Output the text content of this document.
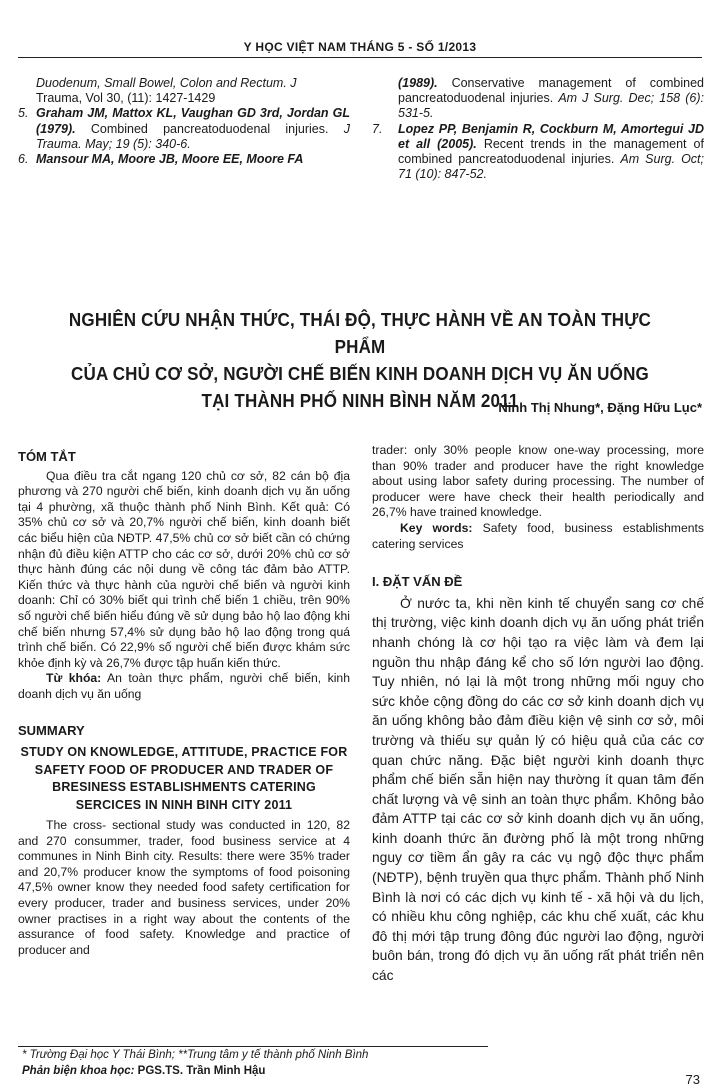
Y HỌC VIỆT NAM THÁNG 5 - SỐ 1/2013
Duodenum, Small Bowel, Colon and Rectum. J
Trauma, Vol 30, (11): 1427-1429
5. Graham JM, Mattox KL, Vaughan GD 3rd, Jordan GL (1979). Combined pancreatoduodenal injuries. J Trauma. May; 19 (5): 340-6.
6. Mansour MA, Moore JB, Moore EE, Moore FA
(1989). Conservative management of combined pancreatoduodenal injuries. Am J Surg. Dec; 158 (6): 531-5.
7. Lopez PP, Benjamin R, Cockburn M, Amortegui JD et all (2005). Recent trends in the management of combined pancreatoduodenal injuries. Am Surg. Oct; 71 (10): 847-52.
NGHIÊN CỨU NHẬN THỨC, THÁI ĐỘ, THỰC HÀNH VỀ AN TOÀN THỰC PHẨM
CỦA CHỦ CƠ SỞ, NGƯỜI CHẾ BIẾN KINH DOANH DỊCH VỤ ĂN UỐNG
TẠI THÀNH PHỐ NINH BÌNH NĂM 2011
Ninh Thị Nhung*, Đặng Hữu Lục*
TÓM TẮT
Qua điều tra cắt ngang 120 chủ cơ sở, 82 cán bộ địa phương và 270 người chế biến, kinh doanh dịch vụ ăn uống tại 4 phường, xã thuộc thành phố Ninh Bình. Kết quả: Có 35% chủ cơ sở và 20,7% người chế biến, kinh doanh biết các biểu hiện của NĐTP. 47,5% chủ cơ sở biết cần có chứng nhận đủ điều kiện ATTP cho các cơ sở, dưới 20% chủ cơ sở thực hành đúng các nội dung về công tác đảm bảo ATTP. Kiến thức và thực hành của người chế biến và người kinh doanh: Chỉ có 30% biết qui trình chế biến 1 chiều, trên 90% số người chế biến hiểu đúng về sử dụng bảo hộ lao động khi chế biến nhưng 57,4% sử dụng bảo hộ lao động trong quá trình chế biến. Có 22,9% số người chế biến được khám sức khỏe định kỳ và 26,7% được tập huấn kiến thức.
Từ khóa: An toàn thực phẩm, người chế biến, kinh doanh dịch vụ ăn uống
SUMMARY
STUDY ON KNOWLEDGE, ATTITUDE, PRACTICE FOR SAFETY FOOD OF PRODUCER AND TRADER OF BRESINESS ESTABLISHMENTS CATERING SERCICES IN NINH BINH CITY 2011
The cross- sectional study was conducted in 120, 82 and 270 consummer, trader, food business service at 4 communes in Ninh Binh city. Results: there were 35% trader and 20,7% producer know the symptoms of food poisoning 47,5% owner know they needed food safety certification for every producer, trader and business services, under 20% owner practises in a right way about the contents of the assurance of food safety. Knowledge and practice of producer and
trader: only 30% people know one-way processing, more than 90% trader and producer have the right knowledge about using labor safety during processing. The number of producer were have check their health periodically and 26,7% have trained knowledge.
Key words: Safety food, business establishments catering services
I. ĐẶT VẤN ĐỀ
Ở nước ta, khi nền kinh tế chuyển sang cơ chế thị trường, việc kinh doanh dịch vụ ăn uống phát triển nhanh chóng là cơ hội tạo ra việc làm và đem lại nguồn thu nhập đáng kể cho số lớn người lao động. Tuy nhiên, nó lại là một trong những mối nguy cho sức khỏe cộng đồng do các cơ sở kinh doanh dịch vụ ăn uống không bảo đảm điều kiện vệ sinh cơ sở, môi trường và thiếu sự quản lý có hiệu quả của các cơ quan chức năng. Đặc biệt người kinh doanh thực phẩm chế biến sẵn hiện nay thường ít quan tâm đến chất lượng và vệ sinh an toàn thực phẩm. Không bảo đảm ATTP tại các cơ sở kinh doanh dịch vụ ăn uống, kinh doanh thức ăn đường phố là một trong những nguy cơ tiềm ẩn gây ra các vụ ngộ độc thực phẩm (NĐTP), bệnh truyền qua thực phẩm. Thành phố Ninh Bình là nơi có các dịch vụ kinh tế - xã hội và du lịch, có nhiều khu công nghiệp, các khu chế xuất, các khu đô thị mới tập trung đông đúc người lao động, người buôn bán, trong đó dịch vụ ăn uống rất phát triển nên các
* Trường Đại học Y Thái Bình; **Trung tâm y tế thành phố Ninh Bình
Phản biện khoa học: PGS.TS. Trần Minh Hậu
73
